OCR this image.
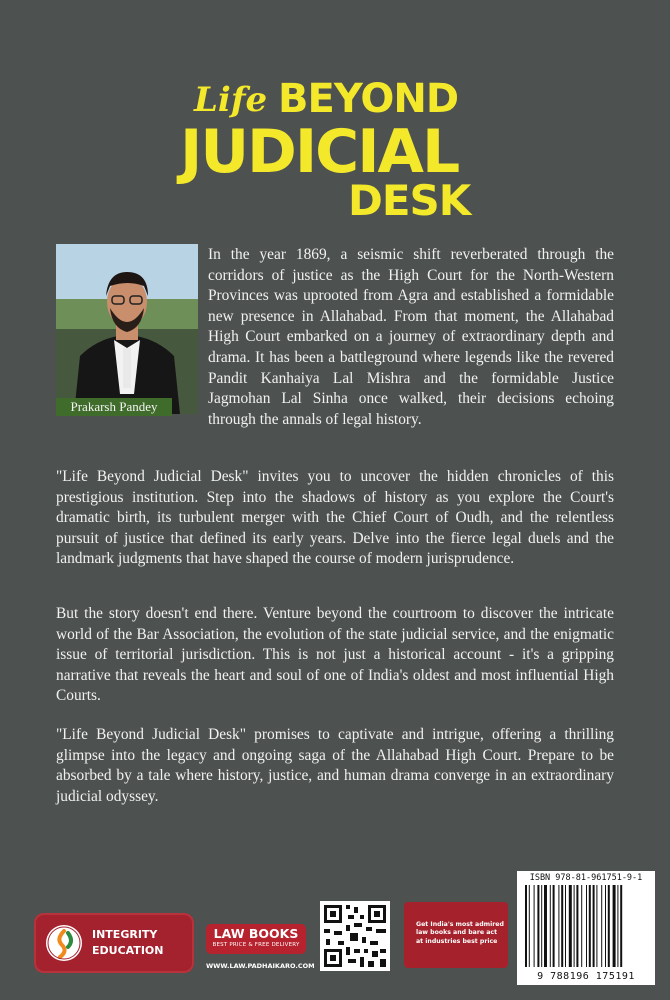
Life BEYOND
JUDICIAL
DESK
In the year 1869, a seismic shift reverberated through the corridors of justice as the High Court for the North-Western Provinces was uprooted from Agra and established a formidable new presence in Allahabad. From that moment, the Allahabad High Court embarked on a journey of extraordinary depth and drama. It has been a battleground where legends like the revered Pandit Kanhaiya Lal Mishra and the formidable Justice Jagmohan Lal Sinha once walked, their decisions echoing through the annals of legal history.
Prakarsh Pandey

"Life Beyond Judicial Desk" invites you to uncover the hidden chronicles of this prestigious institution. Step into the shadows of history as you explore the Court's dramatic birth, its turbulent merger with the Chief Court of Oudh, and the relentless pursuit of justice that defined its early years. Delve into the fierce legal duels and the landmark judgments that have shaped the course of modern jurisprudence.

But the story doesn't end there. Venture beyond the courtroom to discover the intricate world of the Bar Association, the evolution of the state judicial service, and the enigmatic issue of territorial jurisdiction. This is not just a historical account - it's a gripping narrative that reveals the heart and soul of one of India's oldest and most influential High Courts.

"Life Beyond Judicial Desk" promises to captivate and intrigue, offering a thrilling glimpse into the legacy and ongoing saga of the Allahabad High Court. Prepare to be absorbed by a tale where history, justice, and human drama converge in an extraordinary judicial odyssey.

INTEGRITY
EDUCATION
LAW BOOKS
BEST PRICE & FREE DELIVERY
WWW.LAW.PADHAIKARO.COM
Get India's most admired law books and bare act at industries best price
ISBN 978-81-961751-9-1
9 788196 175191
